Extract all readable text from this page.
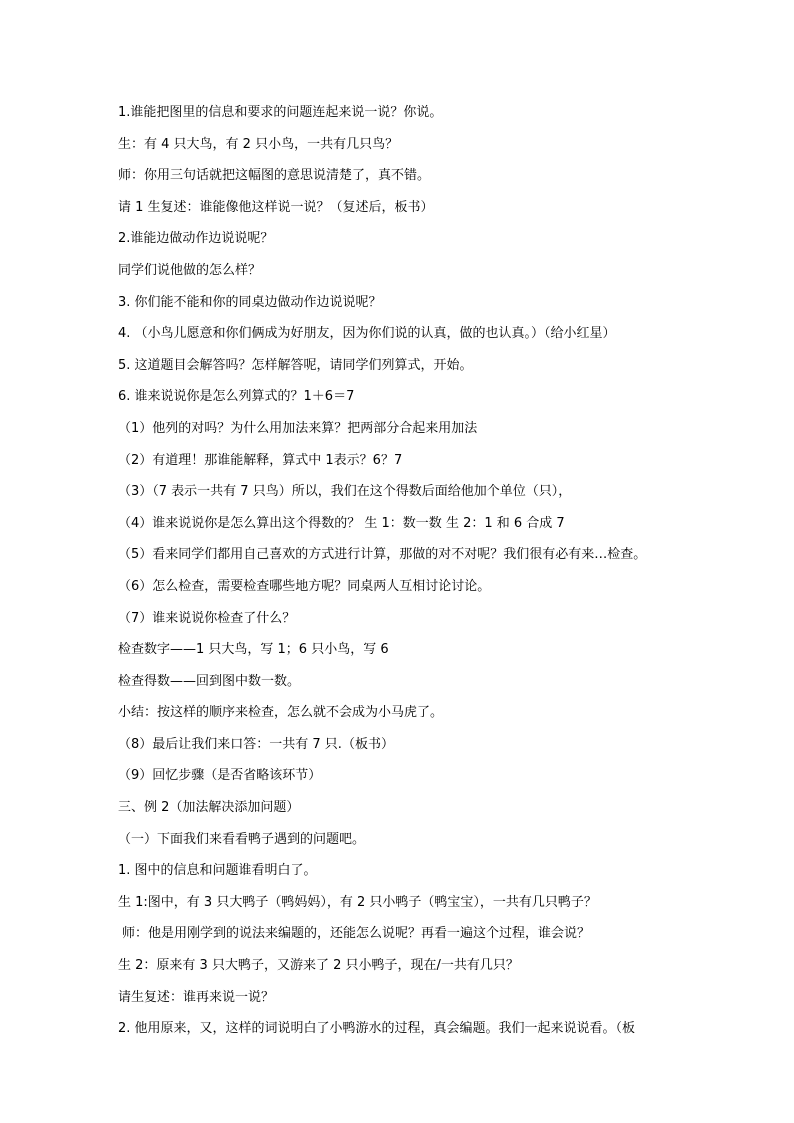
1.谁能把图里的信息和要求的问题连起来说一说？你说。
生：有 4 只大鸟，有 2 只小鸟，一共有几只鸟？
师：你用三句话就把这幅图的意思说清楚了，真不错。
请 1 生复述：谁能像他这样说一说？（复述后，板书）
2.谁能边做动作边说说呢？
同学们说他做的怎么样？
3. 你们能不能和你的同桌边做动作边说说呢？
4. （小鸟儿愿意和你们俩成为好朋友，因为你们说的认真，做的也认真。）（给小红星）
5. 这道题目会解答吗？怎样解答呢，请同学们列算式，开始。
6. 谁来说说你是怎么列算式的？1＋6＝7
（1）他列的对吗？为什么用加法来算？把两部分合起来用加法
（2）有道理！那谁能解释，算式中 1表示？6？7
（3）（7 表示一共有 7 只鸟）所以，我们在这个得数后面给他加个单位（只），
（4）谁来说说你是怎么算出这个得数的？ 生 1：数一数 生 2：1 和 6 合成 7
（5）看来同学们都用自己喜欢的方式进行计算，那做的对不对呢？我们很有必有来…检查。
（6）怎么检查，需要检查哪些地方呢？同桌两人互相讨论讨论。
（7）谁来说说你检查了什么？
检查数字——1 只大鸟，写 1；6 只小鸟，写 6
检查得数——回到图中数一数。
小结：按这样的顺序来检查，怎么就不会成为小马虎了。
（8）最后让我们来口答：一共有 7 只.（板书）
（9）回忆步骤（是否省略该环节）
三、例 2（加法解决添加问题）
（一）下面我们来看看鸭子遇到的问题吧。
1. 图中的信息和问题谁看明白了。
生 1:图中，有 3 只大鸭子（鸭妈妈），有 2 只小鸭子（鸭宝宝），一共有几只鸭子？
师：他是用刚学到的说法来编题的，还能怎么说呢？再看一遍这个过程，谁会说？
生 2：原来有 3 只大鸭子，又游来了 2 只小鸭子，现在/一共有几只？
请生复述：谁再来说一说？
2. 他用原来，又，这样的词说明白了小鸭游水的过程，真会编题。我们一起来说说看。（板
